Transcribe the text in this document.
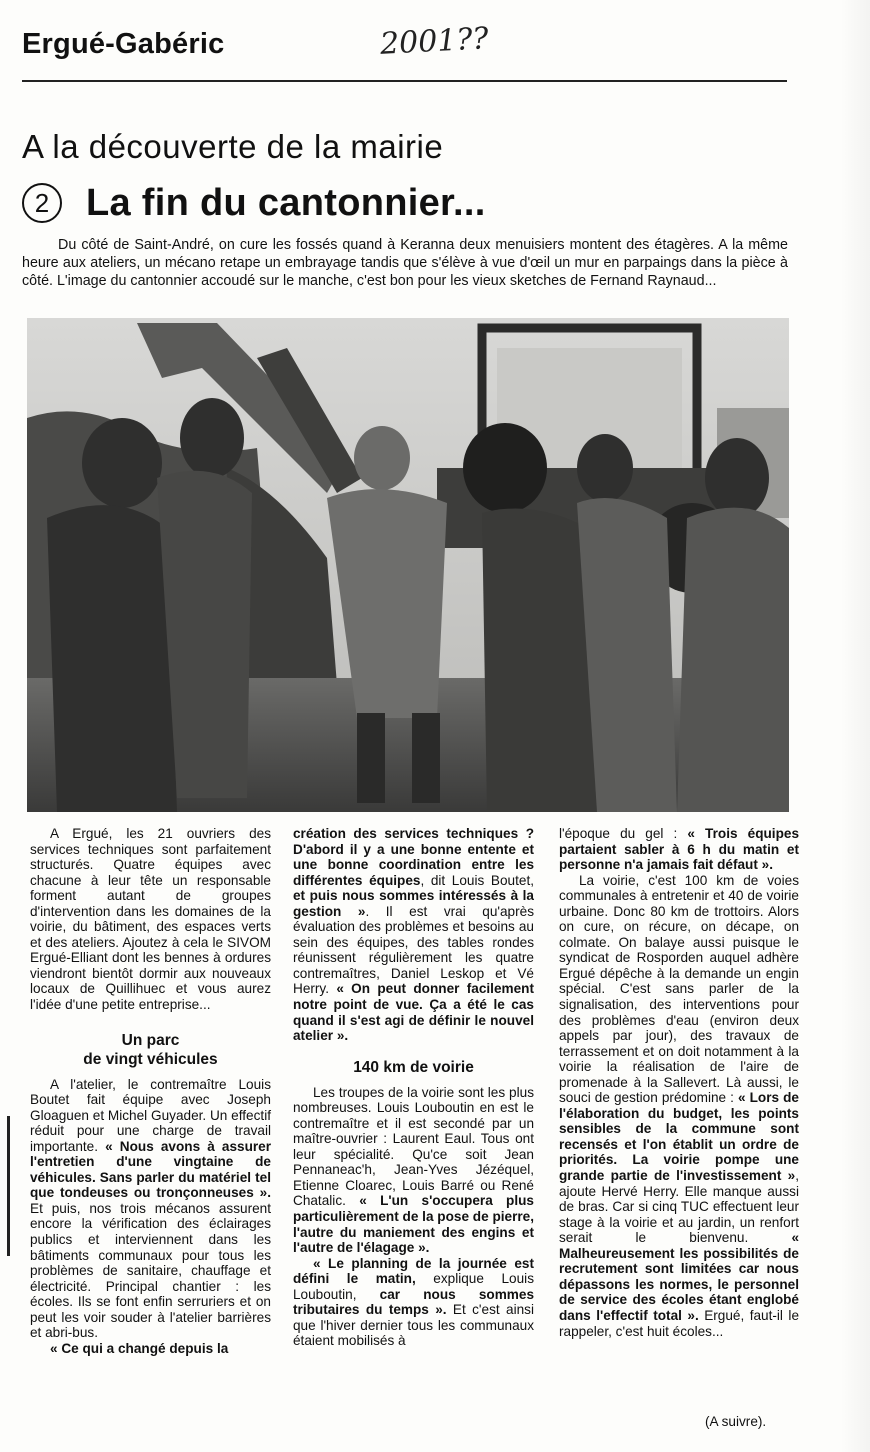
Ergué-Gabéric	2001??
A la découverte de la mairie
2 La fin du cantonnier...
Du côté de Saint-André, on cure les fossés quand à Keranna deux menuisiers montent des étagères. A la même heure aux ateliers, un mécano retape un embrayage tandis que s'élève à vue d'œil un mur en parpaings dans la pièce à côté. L'image du cantonnier accoudé sur le manche, c'est bon pour les vieux sketches de Fernand Raynaud...

A Ergué, les 21 ouvriers des services techniques sont parfaitement structurés. Quatre équipes avec chacune à leur tête un responsable forment autant de groupes d'intervention dans les domaines de la voirie, du bâtiment, des espaces verts et des ateliers. Ajoutez à cela le SIVOM Ergué-Elliant dont les bennes à ordures viendront bientôt dormir aux nouveaux locaux de Quillihuec et vous aurez l'idée d'une petite entreprise...

Un parc

de vingt véhicules

A l'atelier, le contremaître Louis Boutet fait équipe avec Joseph Gloaguen et Michel Guyader. Un effectif réduit pour une charge de travail importante. « Nous avons à assurer l'entretien d'une vingtaine de véhicules. Sans parler du matériel tel que tondeuses ou tronçonneuses ». Et puis, nos trois mécanos assurent encore la vérification des éclairages publics et interviennent dans les bâtiments communaux pour tous les problèmes de sanitaire, chauffage et électricité. Principal chantier : les écoles. Ils se font enfin serruriers et on peut les voir souder à l'atelier barrières et abri-bus.

« Ce qui a changé depuis la

création des services techniques ? D'abord il y a une bonne entente et une bonne coordination entre les différentes équipes, dit Louis Boutet, et puis nous sommes intéressés à la gestion ». Il est vrai qu'après évaluation des problèmes et besoins au sein des équipes, des tables rondes réunissent régulièrement les quatre contremaîtres, Daniel Leskop et Vé Herry. « On peut donner facilement notre point de vue. Ça a été le cas quand il s'est agi de définir le nouvel atelier ».

140 km de voirie

Les troupes de la voirie sont les plus nombreuses. Louis Louboutin en est le contremaître et il est secondé par un maître-ouvrier : Laurent Eaul. Tous ont leur spécialité. Qu'ce soit Jean Pennaneac'h, Jean-Yves Jézéquel, Etienne Cloarec, Louis Barré ou René Chatalic. « L'un s'occupera plus particulièrement de la pose de pierre, l'autre du maniement des engins et l'autre de l'élagage ».

« Le planning de la journée est défini le matin, explique Louis Louboutin, car nous sommes tributaires du temps ». Et c'est ainsi que l'hiver dernier tous les communaux étaient mobilisés à

l'époque du gel : « Trois équipes partaient sabler à 6 h du matin et personne n'a jamais fait défaut ».

La voirie, c'est 100 km de voies communales à entretenir et 40 de voirie urbaine. Donc 80 km de trottoirs. Alors on cure, on récure, on décape, on colmate. On balaye aussi puisque le syndicat de Rosporden auquel adhère Ergué dépêche à la demande un engin spécial. C'est sans parler de la signalisation, des interventions pour des problèmes d'eau (environ deux appels par jour), des travaux de terrassement et on doit notamment à la voirie la réalisation de l'aire de promenade à la Sallevert. Là aussi, le souci de gestion prédomine : « Lors de l'élaboration du budget, les points sensibles de la commune sont recensés et l'on établit un ordre de priorités. La voirie pompe une grande partie de l'investissement », ajoute Hervé Herry. Elle manque aussi de bras. Car si cinq TUC effectuent leur stage à la voirie et au jardin, un renfort serait le bienvenu. « Malheureusement les possibilités de recrutement sont limitées car nous dépassons les normes, le personnel de service des écoles étant englobé dans l'effectif total ». Ergué, faut-il le rappeler, c'est huit écoles...

(A suivre).
